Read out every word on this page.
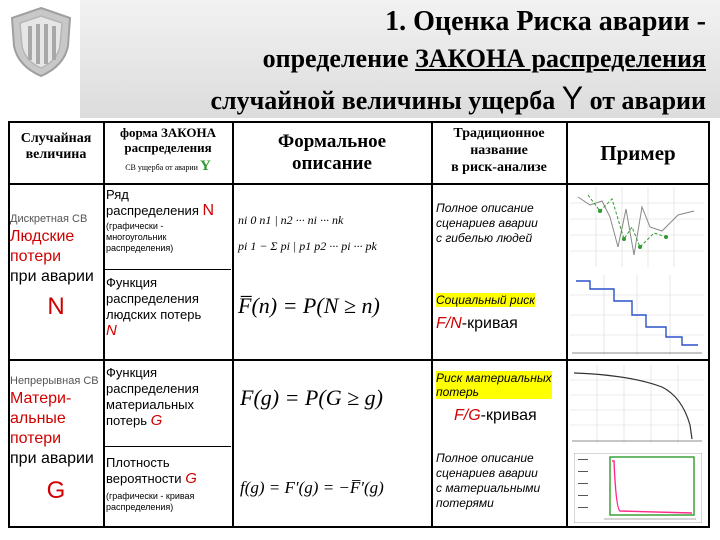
1. Оценка Риска аварии -
определение ЗАКОНА распределения
случайной величины ущерба Y от аварии
Случайная
величина
форма ЗАКОНА
распределения
СВ ущерба от аварии Y
Формальное
описание
Традиционное
название
в риск-анализе
Пример
Дискретная СВ
Людские
потери
при аварии
N
Ряд
распределения N
(графически -
многоугольник
распределения)
ni 0 n1 | n2 ··· ni ··· nk
pi 1 − Σ pi | p1 p2 ··· pi ··· pk
Полное описание
сценариев аварии
с гибелью людей
Функция
распределения
людских потерь
N
F̅(n) = P(N ≥ n)	Социальный риск
F/N-кривая
Непрерывная СВ
Матери-
альные
потери
при аварии
G
Функция
распределения
материальных
потерь G
F(g) = P(G ≥ g)
Риск материальных
потерь
F/G-кривая
Плотность
вероятности G
(графически - кривая
распределения)
f(g) = F′(g) = −F̅′(g)
Полное описание
сценариев аварии
с материальными
потерями
